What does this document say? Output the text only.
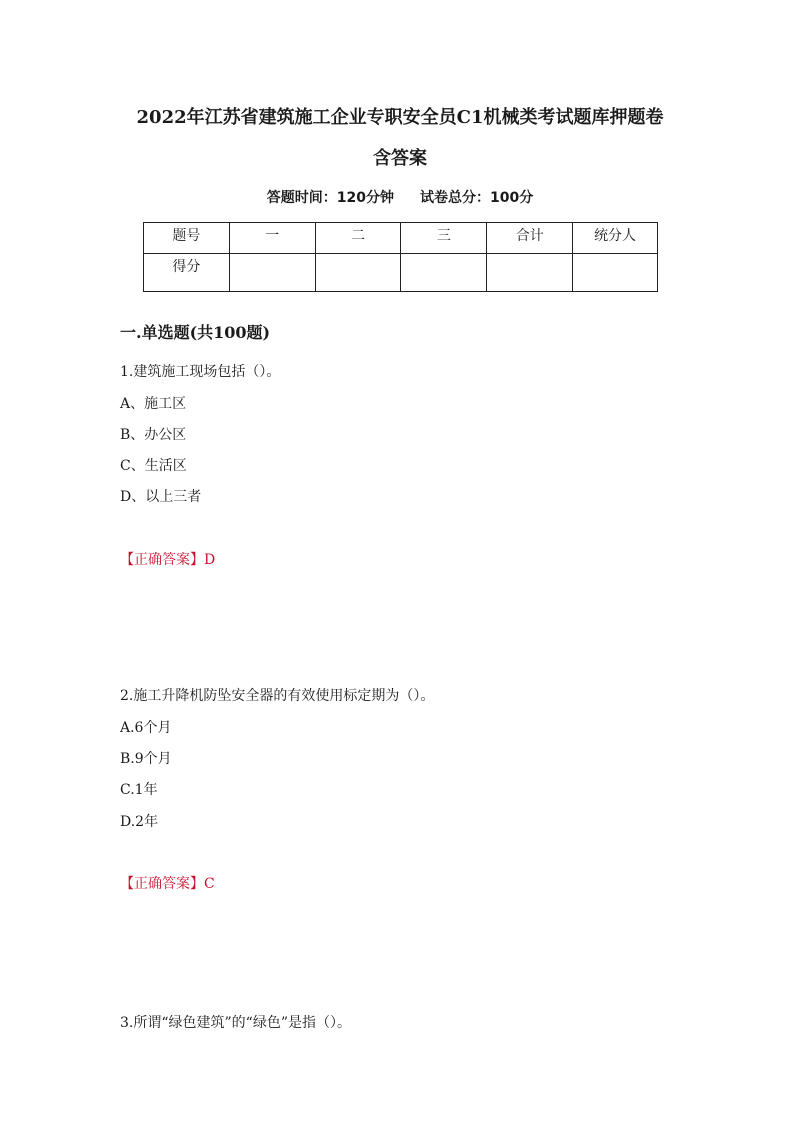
2022年江苏省建筑施工企业专职安全员C1机械类考试题库押题卷
含答案
答题时间：120分钟 试卷总分：100分
题号	一	二	三	合计	统分人
得分					
一.单选题(共100题)
1.建筑施工现场包括（）。
A、施工区
B、办公区
C、生活区
D、以上三者
【正确答案】D
2.施工升降机防坠安全器的有效使用标定期为（）。
A.6个月
B.9个月
C.1年
D.2年
【正确答案】C
3.所谓“绿色建筑”的“绿色”是指（）。
